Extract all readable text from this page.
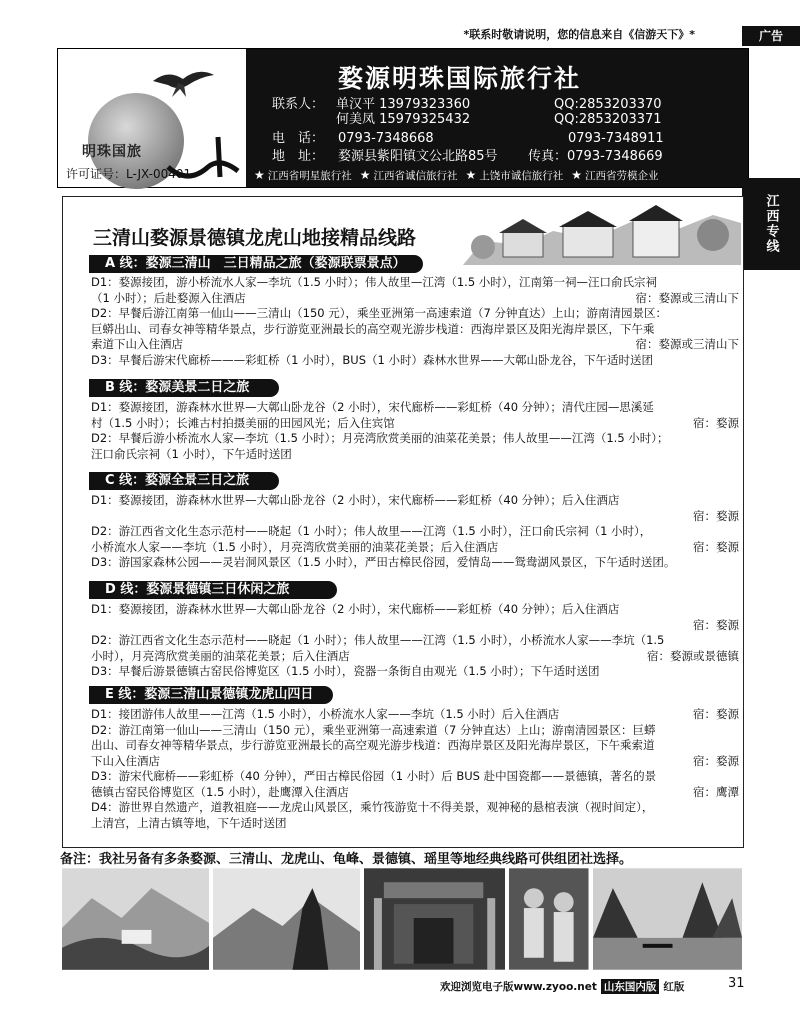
*联系时敬请说明，您的信息来自《信游天下》*	广告
明珠国旅
许可证号：L-JX-00401
婺源明珠国际旅行社
联系人： 单汉平 13979323360	QQ:2853203370
何美凤 15979325432	QQ:2853203371
电　话： 0793-7348668	0793-7348911
地　址： 婺源县紫阳镇文公北路85号 传真：0793-7348669
★ 江西省明星旅行社 ★ 江西省诚信旅行社 ★ 上饶市诚信旅行社 ★ 江西省劳模企业
江西专线
三清山婺源景德镇龙虎山地接精品线路
A 线：婺源三清山　三日精品之旅（婺源联票景点）
D1：婺源接团，游小桥流水人家—李坑（1.5 小时）；伟人故里—江湾（1.5 小时），江南第一祠—汪口俞氏宗祠
（1 小时）；后赴婺源入住酒店	宿：婺源或三清山下
D2：早餐后游江南第一仙山——三清山（150 元），乘坐亚洲第一高速索道（7 分钟直达）上山；游南清园景区：
巨蟒出山、司春女神等精华景点，步行游览亚洲最长的高空观光游步栈道：西海岸景区及阳光海岸景区，下午乘
索道下山入住酒店	宿：婺源或三清山下
D3：早餐后游宋代廊桥———彩虹桥（1 小时），BUS（1 小时）森林水世界——大鄣山卧龙谷，下午适时送团
B 线：婺源美景二日之旅
D1：婺源接团，游森林水世界—大鄣山卧龙谷（2 小时），宋代廊桥——彩虹桥（40 分钟）；清代庄园—思溪延
村（1.5 小时）；长滩古村拍摄美丽的田园风光；后入住宾馆	宿：婺源
D2：早餐后游小桥流水人家—李坑（1.5 小时）；月亮湾欣赏美丽的油菜花美景；伟人故里——江湾（1.5 小时）；
汪口俞氏宗祠（1 小时），下午适时送团
C 线：婺源全景三日之旅
D1：婺源接团，游森林水世界—大鄣山卧龙谷（2 小时），宋代廊桥——彩虹桥（40 分钟）；后入住酒店
宿：婺源
D2：游江西省文化生态示范村——晓起（1 小时）；伟人故里——江湾（1.5 小时），汪口俞氏宗祠（1 小时），
小桥流水人家——李坑（1.5 小时），月亮湾欣赏美丽的油菜花美景；后入住酒店	宿：婺源
D3：游国家森林公园——灵岩洞风景区（1.5 小时），严田古樟民俗园，爱情岛——鸳鸯湖风景区，下午适时送团。
D 线：婺源景德镇三日休闲之旅
D1：婺源接团，游森林水世界—大鄣山卧龙谷（2 小时），宋代廊桥——彩虹桥（40 分钟）；后入住酒店
宿：婺源
D2：游江西省文化生态示范村——晓起（1 小时）；伟人故里——江湾（1.5 小时），小桥流水人家——李坑（1.5
小时），月亮湾欣赏美丽的油菜花美景；后入住酒店	宿：婺源或景德镇
D3：早餐后游景德镇古窑民俗博览区（1.5 小时），瓷器一条街自由观光（1.5 小时）；下午适时送团
E 线：婺源三清山景德镇龙虎山四日
D1：接团游伟人故里——江湾（1.5 小时），小桥流水人家——李坑（1.5 小时）后入住酒店	宿：婺源
D2：游江南第一仙山——三清山（150 元），乘坐亚洲第一高速索道（7 分钟直达）上山；游南清园景区：巨蟒
出山、司春女神等精华景点，步行游览亚洲最长的高空观光游步栈道：西海岸景区及阳光海岸景区，下午乘索道
下山入住酒店	宿：婺源
D3：游宋代廊桥——彩虹桥（40 分钟），严田古樟民俗园（1 小时）后 BUS 赴中国瓷都——景德镇，著名的景
德镇古窑民俗博览区（1.5 小时），赴鹰潭入住酒店	宿：鹰潭
D4：游世界自然遗产，道教祖庭——龙虎山风景区，乘竹筏游览十不得美景，观神秘的悬棺表演（视时间定），
上清宫，上清古镇等地，下午适时送团
备注：我社另备有多条婺源、三清山、龙虎山、龟峰、景德镇、瑶里等地经典线路可供组团社选择。
欢迎浏览电子版www.zyoo.net 山东国内版 红版	31
